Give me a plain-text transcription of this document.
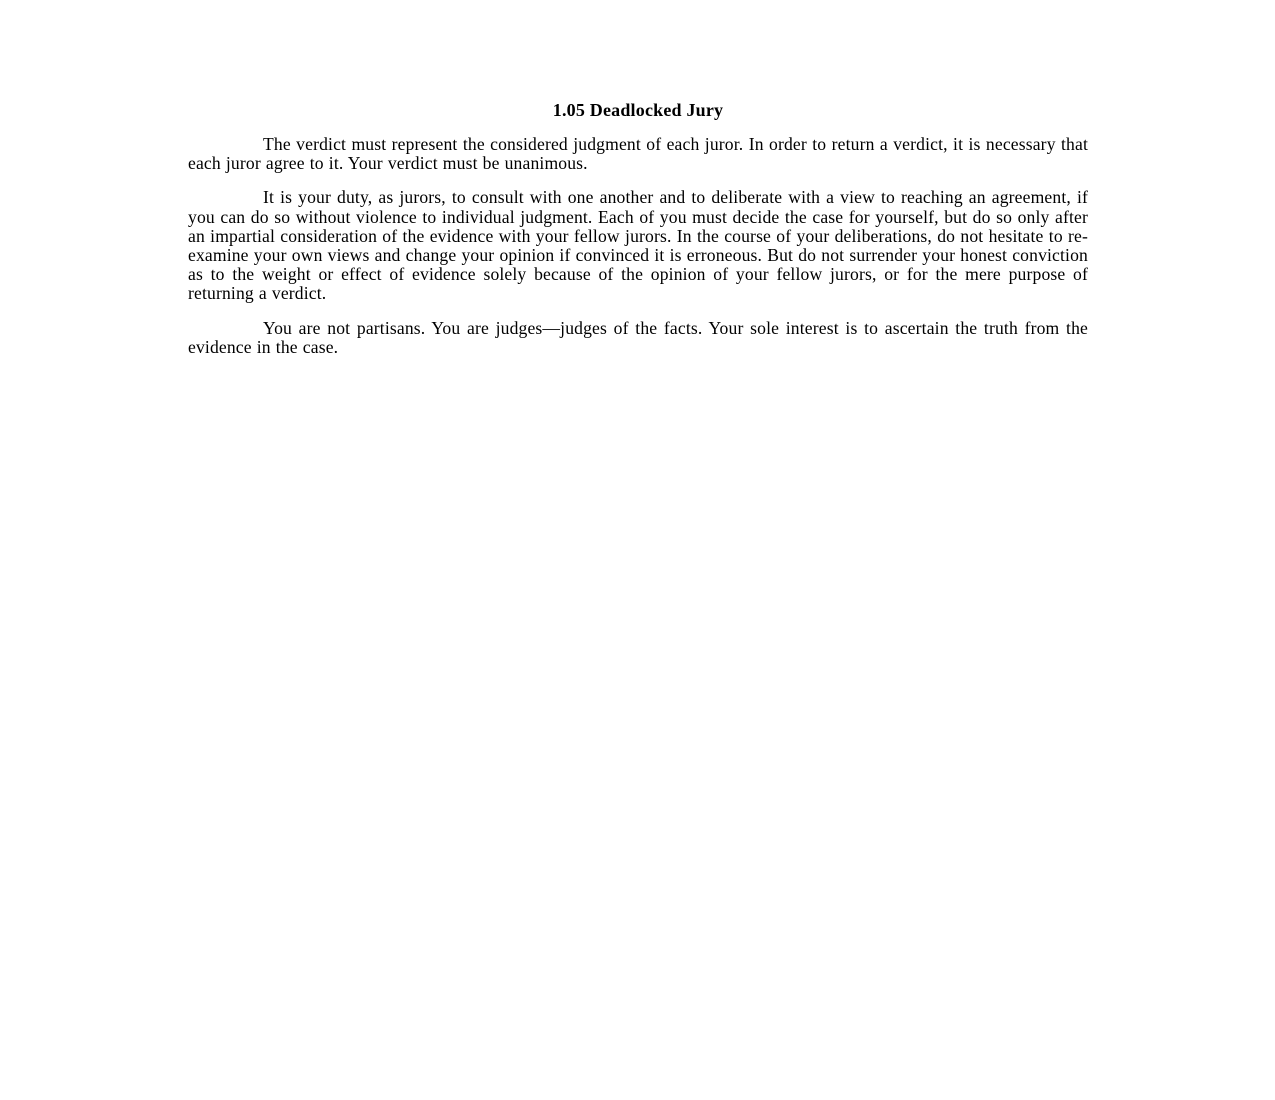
1.05 Deadlocked Jury

The verdict must represent the considered judgment of each juror. In order to return a verdict, it is necessary that each juror agree to it. Your verdict must be unanimous.

It is your duty, as jurors, to consult with one another and to deliberate with a view to reaching an agreement, if you can do so without violence to individual judgment. Each of you must decide the case for yourself, but do so only after an impartial consideration of the evidence with your fellow jurors. In the course of your deliberations, do not hesitate to re-examine your own views and change your opinion if convinced it is erroneous. But do not surrender your honest conviction as to the weight or effect of evidence solely because of the opinion of your fellow jurors, or for the mere purpose of returning a verdict.

You are not partisans. You are judges—judges of the facts. Your sole interest is to ascertain the truth from the evidence in the case.
